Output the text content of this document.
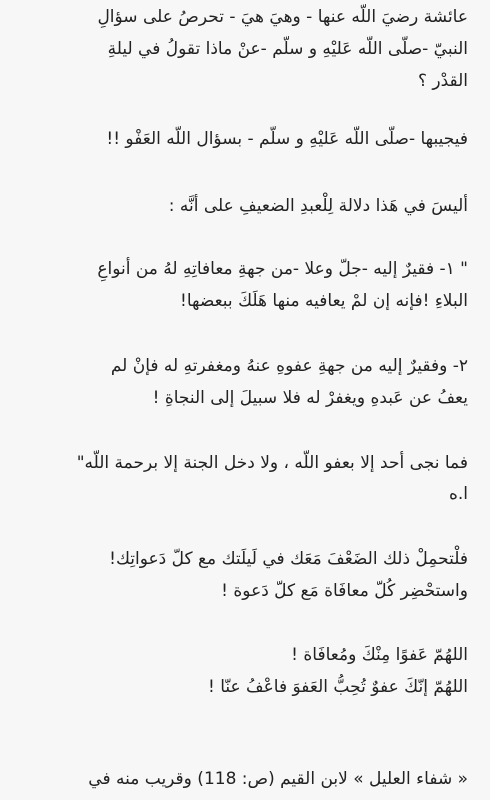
عائشة رضيَ اللّه عنها - وهيَ هيَ - تحرصُ على سؤالِ
النبيّ -صلّى اللّه عَليْهِ و سلّم -عنْ ماذا تقولُ في ليلةِ
القدْر ؟
فيجيبها -صلّى اللّه عَليْهِ و سلّم - بسؤال اللّه العَفْو !!
أليسَ في هَذا دلالة لِلْعبدِ الضعيفِ على أنَّه :
" ١- فقيرٌ إليه -جلّ وعلا -من جهةِ معافاتِهِ لهُ من أنواعِ
البلاءِ !فإنه إن لمْ يعافيه منها هَلَكَ ببعضها!
٢- وفقيرٌ إليه من جهةِ عفوهِ عنهُ ومغفرتهِ له فإنْ لم
يعفُ عن عَبدهِ ويغفرْ له فلا سبيلَ إلى النجاةِ !
فما نجى أحد إلا بعفو اللّه ، ولا دخل الجنة إلا برحمة اللّه"
ا.ه
فلْتحمِلْ ذلك الضَعْفَ مَعَك في لَيلَتك مع كلّ دَعواتِك!
واستحْضِر كُلّ معافَاة مَع كلّ دَعوة !
اللهُمّ عَفوًا مِنْكَ ومُعافَاة !
اللهُمّ إنّكَ عفوٌ تُحِبُّ العَفوَ فاعْفُ عنّا !
« شفاء العليل » لابن القيم (ص: 118) وقريب منه في
